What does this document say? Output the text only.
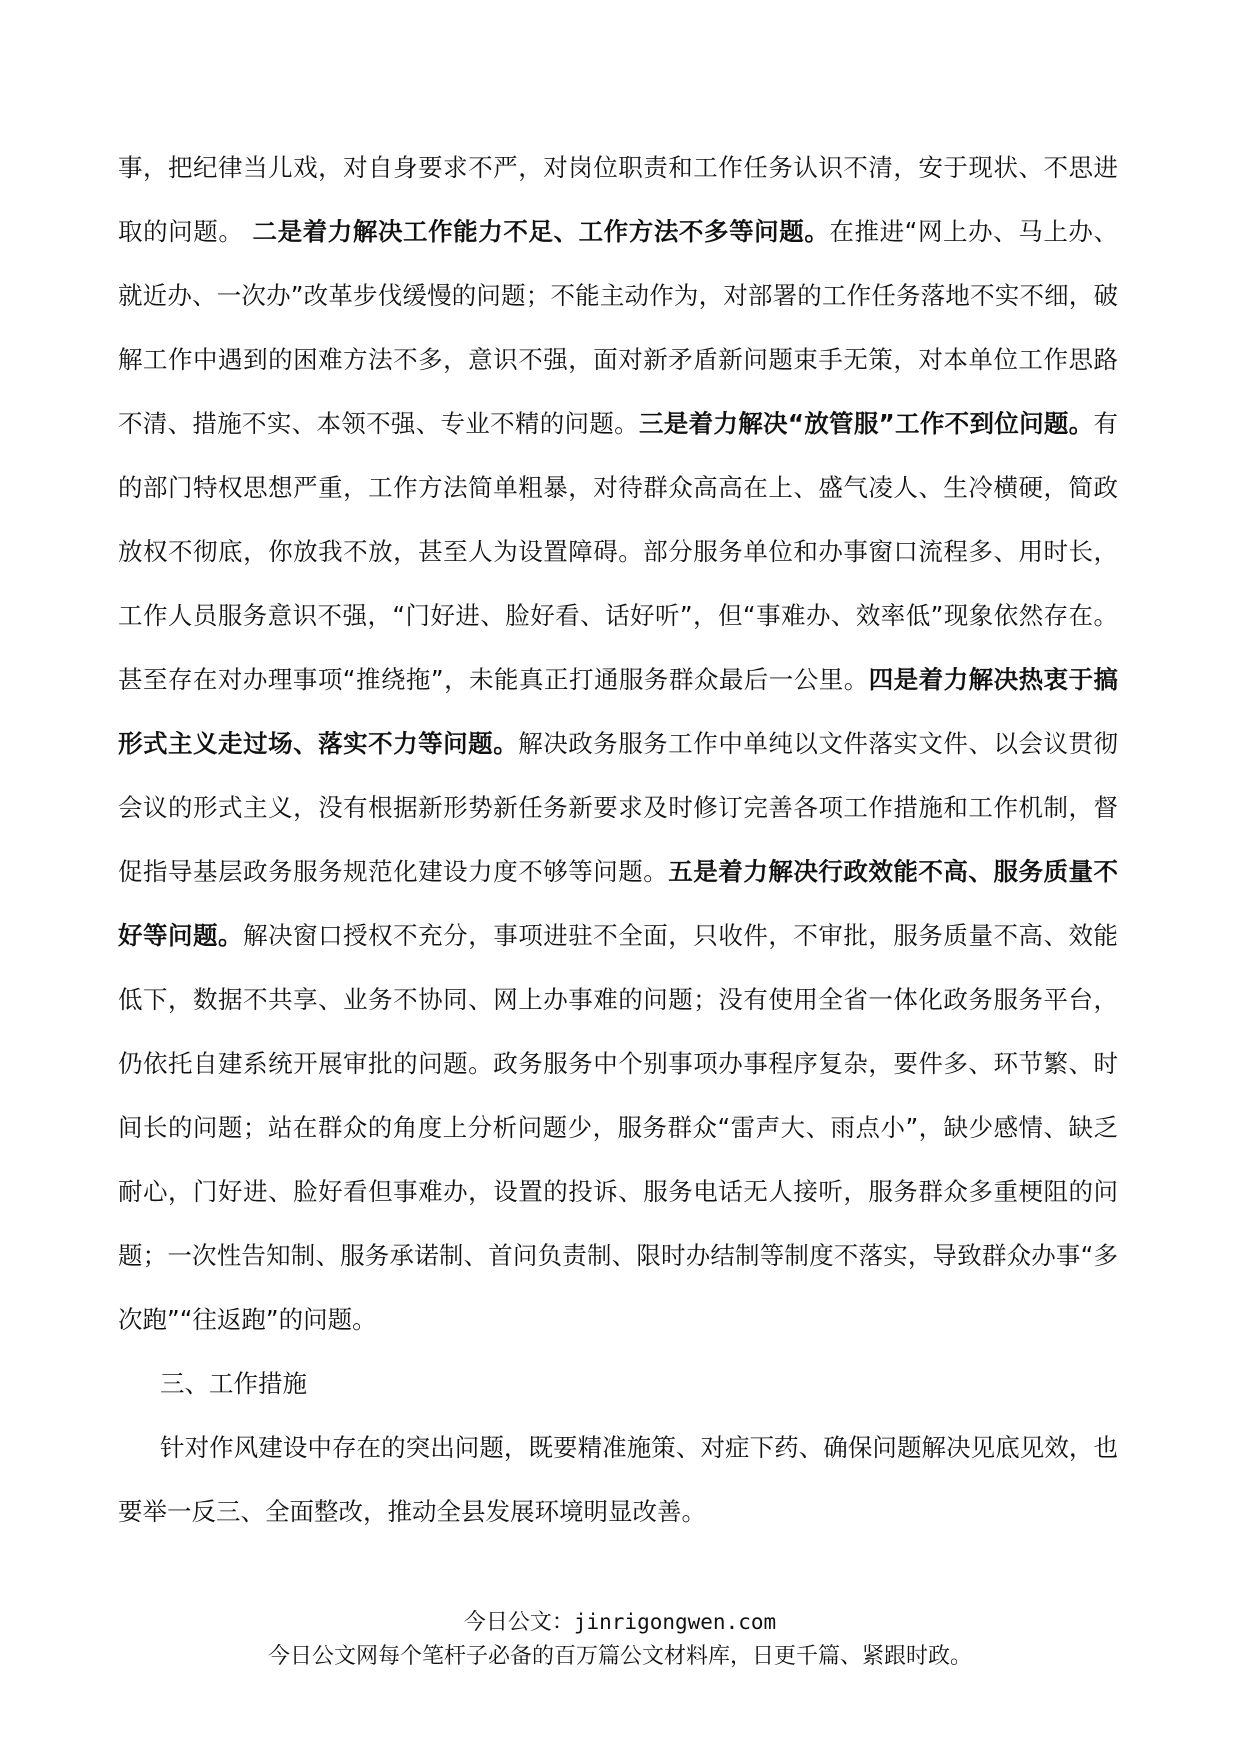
事，把纪律当儿戏，对自身要求不严，对岗位职责和工作任务认识不清，安于现状、不思进取的问题。 二是着力解决工作能力不足、工作方法不多等问题。在推进“网上办、马上办、就近办、一次办”改革步伐缓慢的问题；不能主动作为，对部署的工作任务落地不实不细，破解工作中遇到的困难方法不多，意识不强，面对新矛盾新问题束手无策，对本单位工作思路不清、措施不实、本领不强、专业不精的问题。三是着力解决“放管服”工作不到位问题。有的部门特权思想严重，工作方法简单粗暴，对待群众高高在上、盛气凌人、生冷横硬，简政放权不彻底，你放我不放，甚至人为设置障碍。部分服务单位和办事窗口流程多、用时长，工作人员服务意识不强，“门好进、脸好看、话好听”，但“事难办、效率低”现象依然存在。甚至存在对办理事项“推绕拖”，未能真正打通服务群众最后一公里。四是着力解决热衷于搞形式主义走过场、落实不力等问题。解决政务服务工作中单纯以文件落实文件、以会议贯彻会议的形式主义，没有根据新形势新任务新要求及时修订完善各项工作措施和工作机制，督促指导基层政务服务规范化建设力度不够等问题。五是着力解决行政效能不高、服务质量不好等问题。解决窗口授权不充分，事项进驻不全面，只收件，不审批，服务质量不高、效能低下，数据不共享、业务不协同、网上办事难的问题；没有使用全省一体化政务服务平台，仍依托自建系统开展审批的问题。政务服务中个别事项办事程序复杂，要件多、环节繁、时间长的问题；站在群众的角度上分析问题少，服务群众“雷声大、雨点小”，缺少感情、缺乏耐心，门好进、脸好看但事难办，设置的投诉、服务电话无人接听，服务群众多重梗阻的问题；一次性告知制、服务承诺制、首问负责制、限时办结制等制度不落实，导致群众办事“多次跑”“往返跑”的问题。

三、工作措施

针对作风建设中存在的突出问题，既要精准施策、对症下药、确保问题解决见底见效，也要举一反三、全面整改，推动全县发展环境明显改善。

今日公文：jinrigongwen.com
今日公文网每个笔杆子必备的百万篇公文材料库，日更千篇、紧跟时政。
